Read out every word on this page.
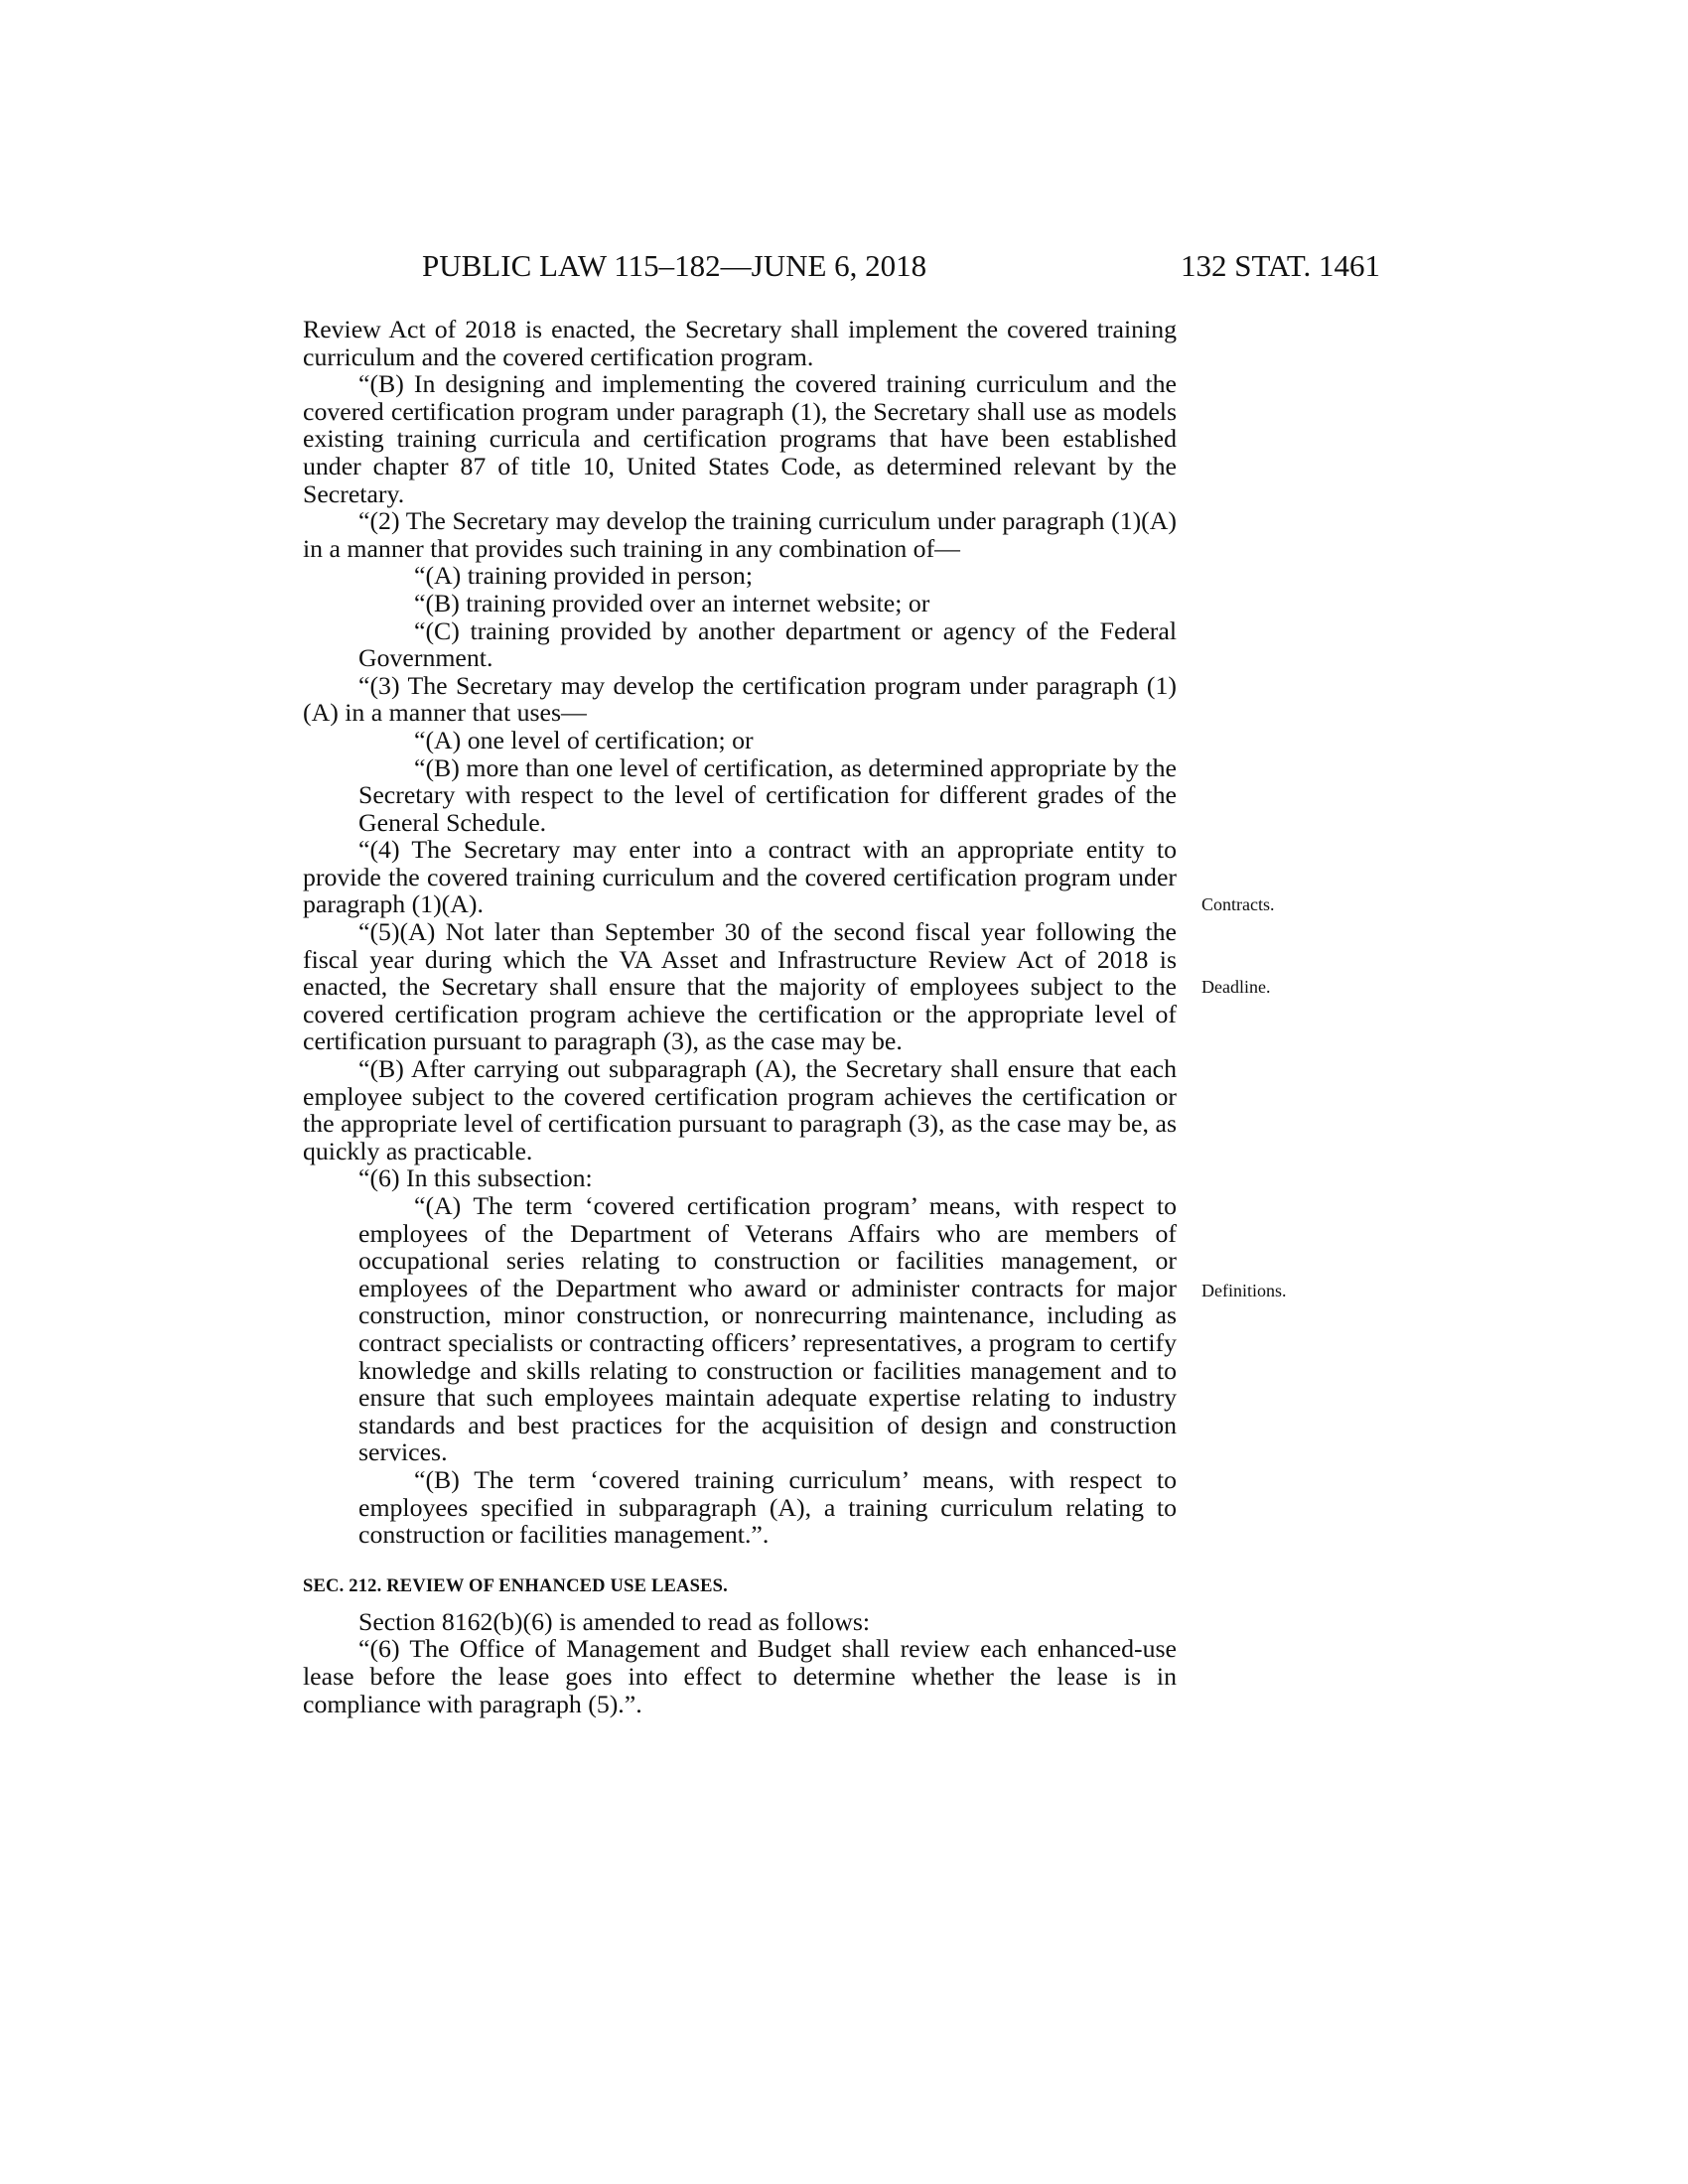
PUBLIC LAW 115–182—JUNE 6, 2018	132 STAT. 1461

Review Act of 2018 is enacted, the Secretary shall implement the covered training curriculum and the covered certification program.

“(B) In designing and implementing the covered training curriculum and the covered certification program under paragraph (1), the Secretary shall use as models existing training curricula and certification programs that have been established under chapter 87 of title 10, United States Code, as determined relevant by the Secretary.

“(2) The Secretary may develop the training curriculum under paragraph (1)(A) in a manner that provides such training in any combination of—

“(A) training provided in person;

“(B) training provided over an internet website; or

“(C) training provided by another department or agency of the Federal Government.

“(3) The Secretary may develop the certification program under paragraph (1)(A) in a manner that uses—

“(A) one level of certification; or

“(B) more than one level of certification, as determined appropriate by the Secretary with respect to the level of certification for different grades of the General Schedule.

“(4) The Secretary may enter into a contract with an appropriate entity to provide the covered training curriculum and the covered certification program under paragraph (1)(A).

“(5)(A) Not later than September 30 of the second fiscal year following the fiscal year during which the VA Asset and Infrastructure Review Act of 2018 is enacted, the Secretary shall ensure that the majority of employees subject to the covered certification program achieve the certification or the appropriate level of certification pursuant to paragraph (3), as the case may be.

“(B) After carrying out subparagraph (A), the Secretary shall ensure that each employee subject to the covered certification program achieves the certification or the appropriate level of certification pursuant to paragraph (3), as the case may be, as quickly as practicable.

“(6) In this subsection:

“(A) The term ‘covered certification program’ means, with respect to employees of the Department of Veterans Affairs who are members of occupational series relating to construction or facilities management, or employees of the Department who award or administer contracts for major construction, minor construction, or nonrecurring maintenance, including as contract specialists or contracting officers’ representatives, a program to certify knowledge and skills relating to construction or facilities management and to ensure that such employees maintain adequate expertise relating to industry standards and best practices for the acquisition of design and construction services.

“(B) The term ‘covered training curriculum’ means, with respect to employees specified in subparagraph (A), a training curriculum relating to construction or facilities management.”.

SEC. 212. REVIEW OF ENHANCED USE LEASES.

Section 8162(b)(6) is amended to read as follows:

“(6) The Office of Management and Budget shall review each enhanced-use lease before the lease goes into effect to determine whether the lease is in compliance with paragraph (5).”.

Contracts.
Deadline.
Definitions.
